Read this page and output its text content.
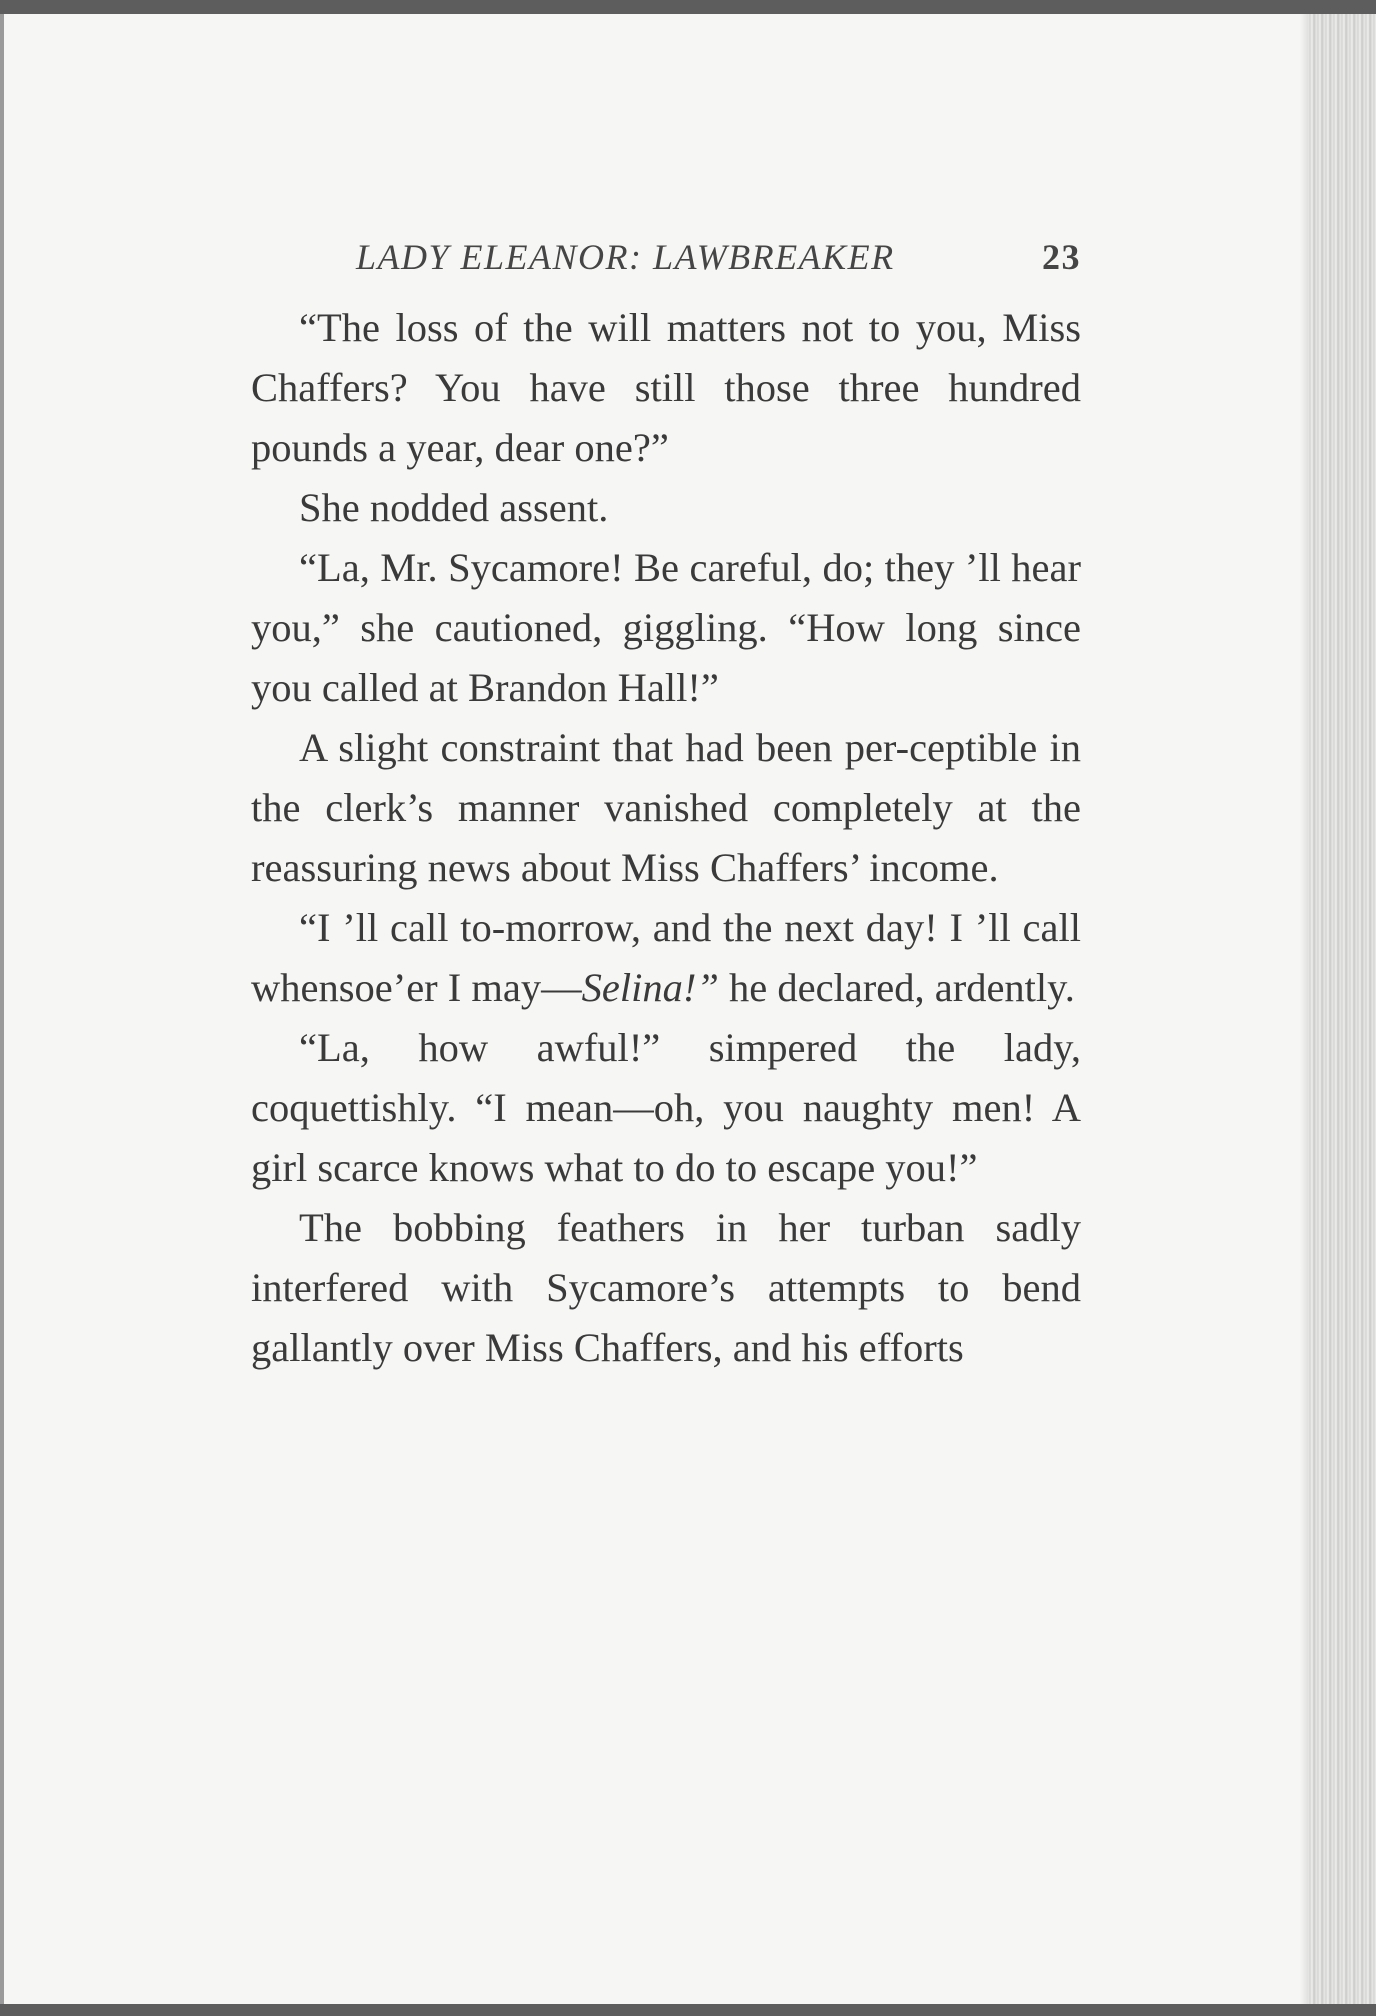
LADY ELEANOR: LAWBREAKER	23

“The loss of the will matters not to you, Miss Chaffers? You have still those three hundred pounds a year, dear one?”

She nodded assent.

“La, Mr. Sycamore! Be careful, do; they ’ll hear you,” she cautioned, giggling. “How long since you called at Brandon Hall!”

A slight constraint that had been per-ceptible in the clerk’s manner vanished completely at the reassuring news about Miss Chaffers’ income.

“I ’ll call to-morrow, and the next day! I ’ll call whensoe’er I may—Selina!” he declared, ardently.

“La, how awful!” simpered the lady, coquettishly. “I mean—oh, you naughty men! A girl scarce knows what to do to escape you!”

The bobbing feathers in her turban sadly interfered with Sycamore’s attempts to bend gallantly over Miss Chaffers, and his efforts
